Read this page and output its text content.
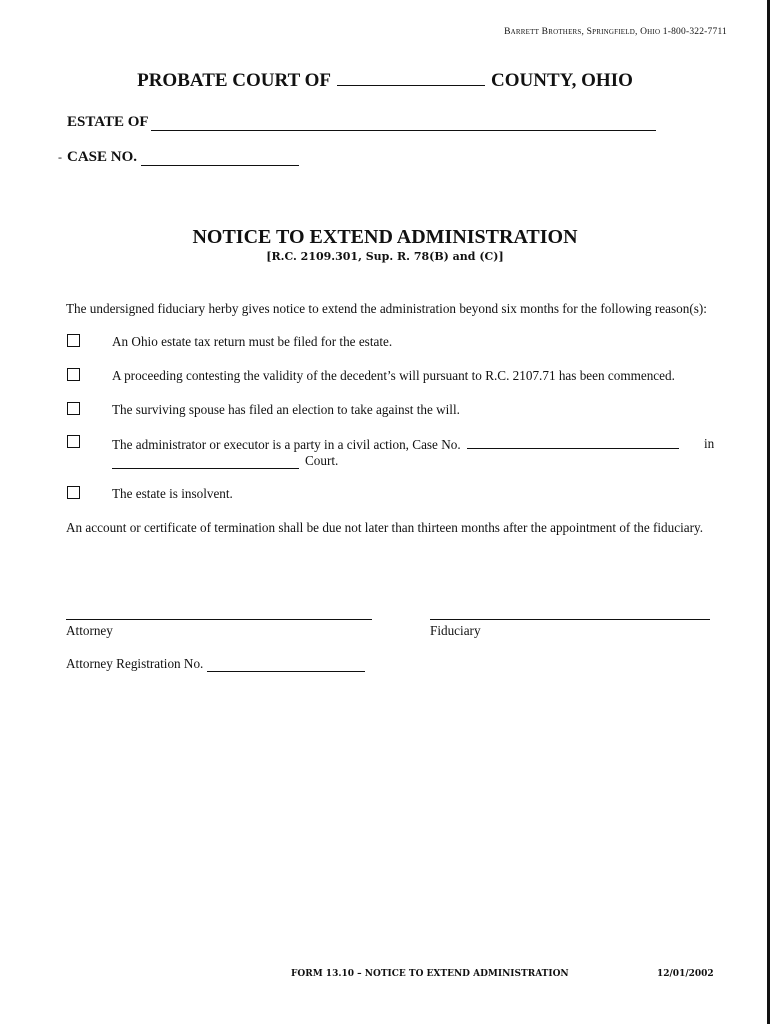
Barrett Brothers, Springfield, Ohio 1-800-322-7711
PROBATE COURT OF	COUNTY, OHIO
ESTATE OF
- CASE NO.
NOTICE TO EXTEND ADMINISTRATION
[R.C. 2109.301, Sup. R. 78(B) and (C)]
The undersigned fiduciary herby gives notice to extend the administration beyond six months for the following reason(s):
An Ohio estate tax return must be filed for the estate.
A proceeding contesting the validity of the decedent’s will pursuant to R.C. 2107.71 has been commenced.
The surviving spouse has filed an election to take against the will.
The administrator or executor is a party in a civil action, Case No.	in
Court.
The estate is insolvent.
An account or certificate of termination shall be due not later than thirteen months after the appointment of the fiduciary.
Attorney	Fiduciary
Attorney Registration No.
FORM 13.10 – NOTICE TO EXTEND ADMINISTRATION	12/01/2002
